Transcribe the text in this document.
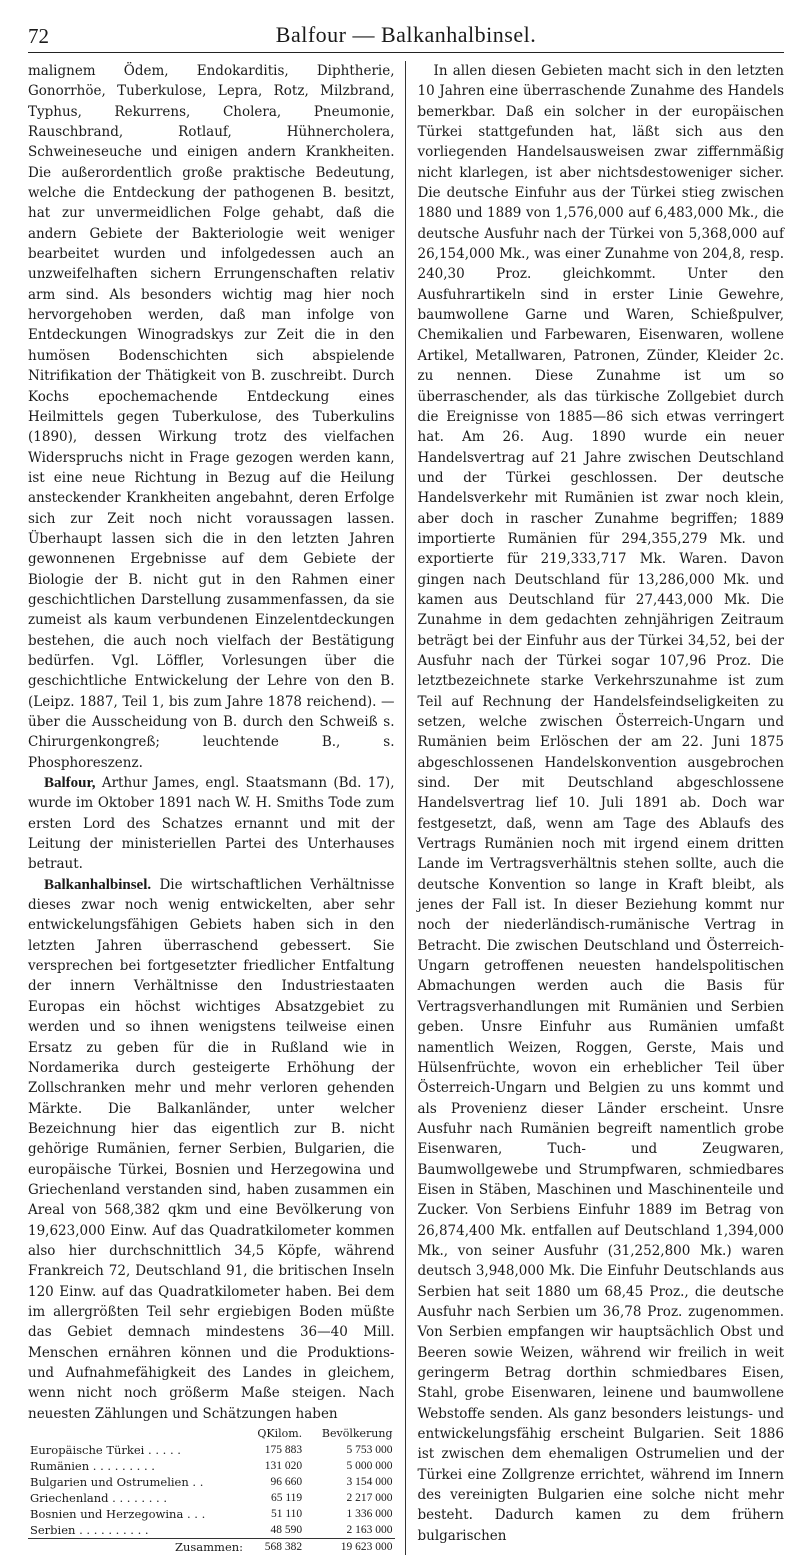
72	Balfour — Balkanhalbinsel.

malignem Ödem, Endokarditis, Diphtherie, Gonorrhöe, Tuberkulose, Lepra, Rotz, Milzbrand, Typhus, Rekurrens, Cholera, Pneumonie, Rauschbrand, Rotlauf, Hühnercholera, Schweineseuche und einigen andern Krankheiten. Die außerordentlich große praktische Bedeutung, welche die Entdeckung der pathogenen B. besitzt, hat zur unvermeidlichen Folge gehabt, daß die andern Gebiete der Bakteriologie weit weniger bearbeitet wurden und infolgedessen auch an unzweifelhaften sichern Errungenschaften relativ arm sind. Als besonders wichtig mag hier noch hervorgehoben werden, daß man infolge von Entdeckungen Winogradskys zur Zeit die in den humösen Bodenschichten sich abspielende Nitrifikation der Thätigkeit von B. zuschreibt. Durch Kochs epochemachende Entdeckung eines Heilmittels gegen Tuberkulose, des Tuberkulins (1890), dessen Wirkung trotz des vielfachen Widerspruchs nicht in Frage gezogen werden kann, ist eine neue Richtung in Bezug auf die Heilung ansteckender Krankheiten angebahnt, deren Erfolge sich zur Zeit noch nicht voraussagen lassen. Überhaupt lassen sich die in den letzten Jahren gewonnenen Ergebnisse auf dem Gebiete der Biologie der B. nicht gut in den Rahmen einer geschichtlichen Darstellung zusammenfassen, da sie zumeist als kaum verbundenen Einzelentdeckungen bestehen, die auch noch vielfach der Bestätigung bedürfen. Vgl. Löffler, Vorlesungen über die geschichtliche Entwickelung der Lehre von den B. (Leipz. 1887, Teil 1, bis zum Jahre 1878 reichend). — über die Ausscheidung von B. durch den Schweiß s. Chirurgenkongreß; leuchtende B., s. Phosphoreszenz.

Balfour, Arthur James, engl. Staatsmann (Bd. 17), wurde im Oktober 1891 nach W. H. Smiths Tode zum ersten Lord des Schatzes ernannt und mit der Leitung der ministeriellen Partei des Unterhauses betraut.

Balkanhalbinsel. Die wirtschaftlichen Verhältnisse dieses zwar noch wenig entwickelten, aber sehr entwickelungsfähigen Gebiets haben sich in den letzten Jahren überraschend gebessert. Sie versprechen bei fortgesetzter friedlicher Entfaltung der innern Verhältnisse den Industriestaaten Europas ein höchst wichtiges Absatzgebiet zu werden und so ihnen wenigstens teilweise einen Ersatz zu geben für die in Rußland wie in Nordamerika durch gesteigerte Erhöhung der Zollschranken mehr und mehr verloren gehenden Märkte. Die Balkanländer, unter welcher Bezeichnung hier das eigentlich zur B. nicht gehörige Rumänien, ferner Serbien, Bulgarien, die europäische Türkei, Bosnien und Herzegowina und Griechenland verstanden sind, haben zusammen ein Areal von 568,382 qkm und eine Bevölkerung von 19,623,000 Einw. Auf das Quadratkilometer kommen also hier durchschnittlich 34,5 Köpfe, während Frankreich 72, Deutschland 91, die britischen Inseln 120 Einw. auf das Quadratkilometer haben. Bei dem im allergrößten Teil sehr ergiebigen Boden müßte das Gebiet demnach mindestens 36—40 Mill. Menschen ernähren können und die Produktions- und Aufnahmefähigkeit des Landes in gleichem, wenn nicht noch größerm Maße steigen. Nach neuesten Zählungen und Schätzungen haben

	QKilom.	Bevölkerung
Europäische Türkei . . . . .	175 883	5 753 000
Rumänien . . . . . . . . .	131 020	5 000 000
Bulgarien und Ostrumelien . .	96 660	3 154 000
Griechenland . . . . . . . .	65 119	2 217 000
Bosnien und Herzegowina . . .	51 110	1 336 000
Serbien . . . . . . . . . .	48 590	2 163 000
Zusammen:	568 382	19 623 000

In allen diesen Gebieten macht sich in den letzten 10 Jahren eine überraschende Zunahme des Handels bemerkbar. Daß ein solcher in der europäischen Türkei stattgefunden hat, läßt sich aus den vorliegenden Handelsausweisen zwar ziffernmäßig nicht klarlegen, ist aber nichtsdestoweniger sicher. Die deutsche Einfuhr aus der Türkei stieg zwischen 1880 und 1889 von 1,576,000 auf 6,483,000 Mk., die deutsche Ausfuhr nach der Türkei von 5,368,000 auf 26,154,000 Mk., was einer Zunahme von 204,8, resp. 240,30 Proz. gleichkommt. Unter den Ausfuhrartikeln sind in erster Linie Gewehre, baumwollene Garne und Waren, Schießpulver, Chemikalien und Farbewaren, Eisenwaren, wollene Artikel, Metallwaren, Patronen, Zünder, Kleider 2c. zu nennen. Diese Zunahme ist um so überraschender, als das türkische Zollgebiet durch die Ereignisse von 1885—86 sich etwas verringert hat. Am 26. Aug. 1890 wurde ein neuer Handelsvertrag auf 21 Jahre zwischen Deutschland und der Türkei geschlossen. Der deutsche Handelsverkehr mit Rumänien ist zwar noch klein, aber doch in rascher Zunahme begriffen; 1889 importierte Rumänien für 294,355,279 Mk. und exportierte für 219,333,717 Mk. Waren. Davon gingen nach Deutschland für 13,286,000 Mk. und kamen aus Deutschland für 27,443,000 Mk. Die Zunahme in dem gedachten zehnjährigen Zeitraum beträgt bei der Einfuhr aus der Türkei 34,52, bei der Ausfuhr nach der Türkei sogar 107,96 Proz. Die letztbezeichnete starke Verkehrszunahme ist zum Teil auf Rechnung der Handelsfeindseligkeiten zu setzen, welche zwischen Österreich-Ungarn und Rumänien beim Erlöschen der am 22. Juni 1875 abgeschlossenen Handelskonvention ausgebrochen sind. Der mit Deutschland abgeschlossene Handelsvertrag lief 10. Juli 1891 ab. Doch war festgesetzt, daß, wenn am Tage des Ablaufs des Vertrags Rumänien noch mit irgend einem dritten Lande im Vertragsverhältnis stehen sollte, auch die deutsche Konvention so lange in Kraft bleibt, als jenes der Fall ist. In dieser Beziehung kommt nur noch der niederländisch-rumänische Vertrag in Betracht. Die zwischen Deutschland und Österreich-Ungarn getroffenen neuesten handelspolitischen Abmachungen werden auch die Basis für Vertragsverhandlungen mit Rumänien und Serbien geben. Unsre Einfuhr aus Rumänien umfaßt namentlich Weizen, Roggen, Gerste, Mais und Hülsenfrüchte, wovon ein erheblicher Teil über Österreich-Ungarn und Belgien zu uns kommt und als Provenienz dieser Länder erscheint. Unsre Ausfuhr nach Rumänien begreift namentlich grobe Eisenwaren, Tuch- und Zeugwaren, Baumwollgewebe und Strumpfwaren, schmiedbares Eisen in Stäben, Maschinen und Maschinenteile und Zucker. Von Serbiens Einfuhr 1889 im Betrag von 26,874,400 Mk. entfallen auf Deutschland 1,394,000 Mk., von seiner Ausfuhr (31,252,800 Mk.) waren deutsch 3,948,000 Mk. Die Einfuhr Deutschlands aus Serbien hat seit 1880 um 68,45 Proz., die deutsche Ausfuhr nach Serbien um 36,78 Proz. zugenommen. Von Serbien empfangen wir hauptsächlich Obst und Beeren sowie Weizen, während wir freilich in weit geringerm Betrag dorthin schmiedbares Eisen, Stahl, grobe Eisenwaren, leinene und baumwollene Webstoffe senden. Als ganz besonders leistungs- und entwickelungsfähig erscheint Bulgarien. Seit 1886 ist zwischen dem ehemaligen Ostrumelien und der Türkei eine Zollgrenze errichtet, während im Innern des vereinigten Bulgarien eine solche nicht mehr besteht. Dadurch kamen zu dem frühern bulgarischen
